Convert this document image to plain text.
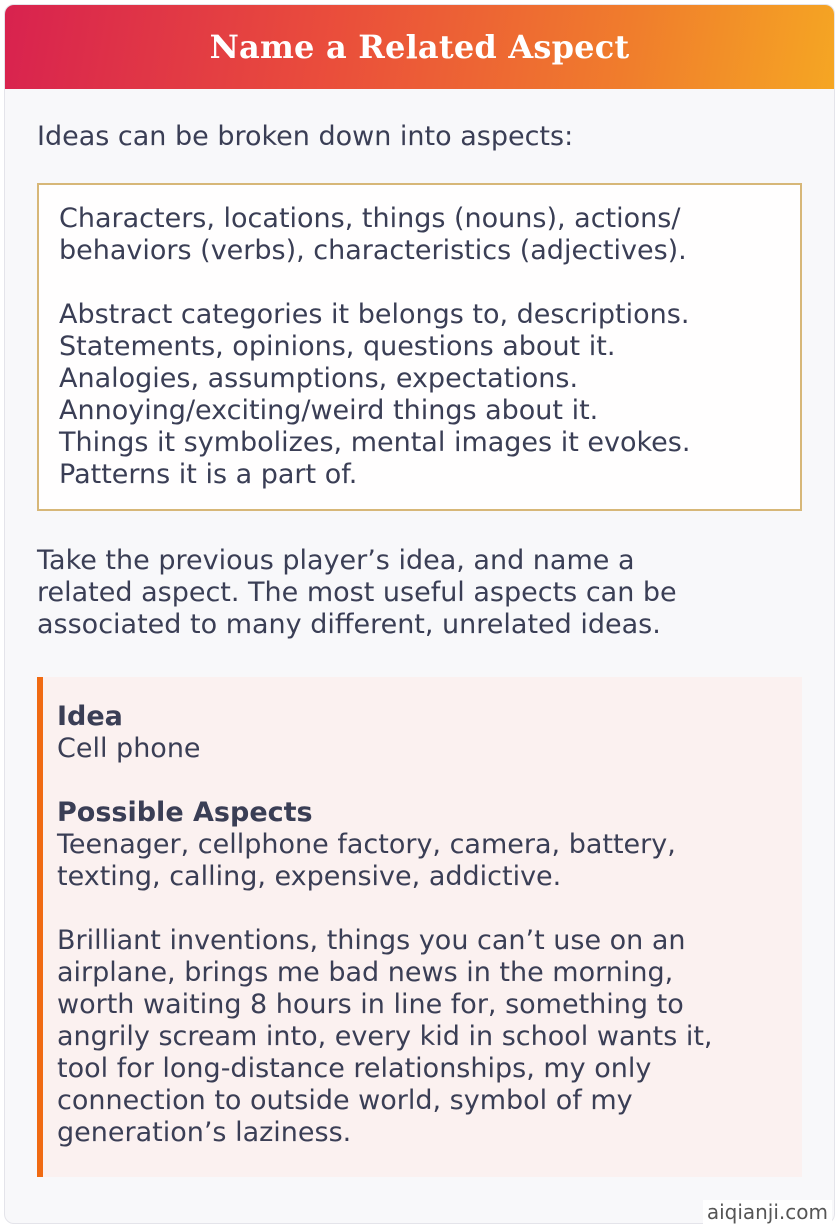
Name a Related Aspect

Ideas can be broken down into aspects:

Characters, locations, things (nouns), actions/

behaviors (verbs), characteristics (adjectives).

Abstract categories it belongs to, descriptions.

Statements, opinions, questions about it.

Analogies, assumptions, expectations.

Annoying/exciting/weird things about it.

Things it symbolizes, mental images it evokes.

Patterns it is a part of.

Take the previous player’s idea, and name a

related aspect. The most useful aspects can be

associated to many different, unrelated ideas.

Idea

Cell phone

Possible Aspects

Teenager, cellphone factory, camera, battery,

texting, calling, expensive, addictive.

Brilliant inventions, things you can’t use on an

airplane, brings me bad news in the morning,

worth waiting 8 hours in line for, something to

angrily scream into, every kid in school wants it,

tool for long-distance relationships, my only

connection to outside world, symbol of my

generation’s laziness.

aiqianji.com
